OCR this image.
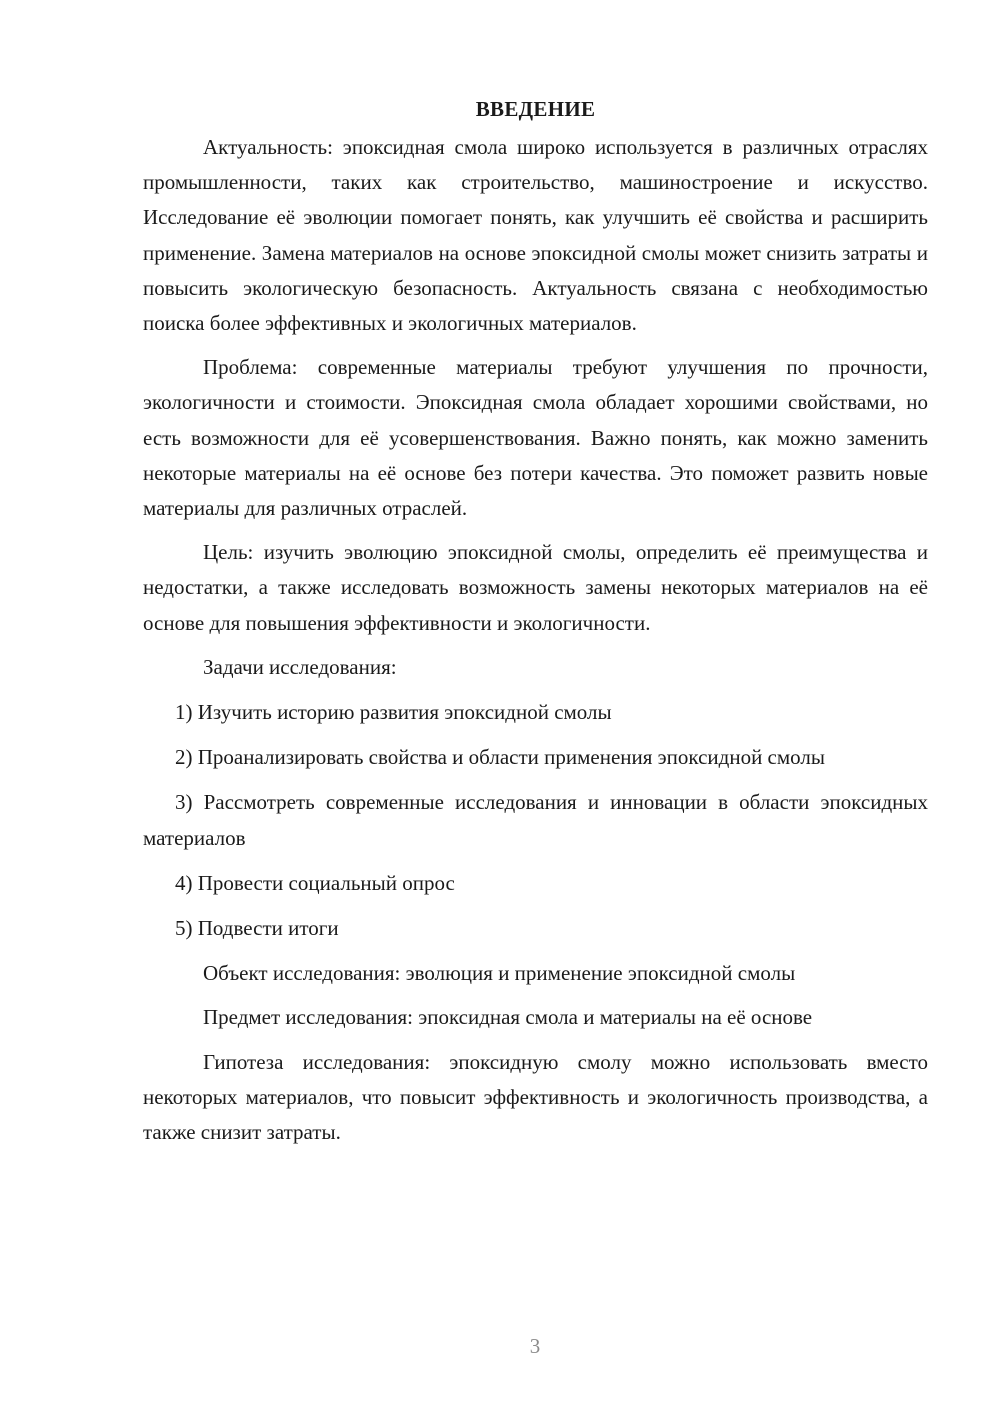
ВВЕДЕНИЕ

Актуальность: эпоксидная смола широко используется в различных отраслях промышленности, таких как строительство, машиностроение и искусство. Исследование её эволюции помогает понять, как улучшить её свойства и расширить применение. Замена материалов на основе эпоксидной смолы может снизить затраты и повысить экологическую безопасность. Актуальность связана с необходимостью поиска более эффективных и экологичных материалов.

Проблема: современные материалы требуют улучшения по прочности, экологичности и стоимости. Эпоксидная смола обладает хорошими свойствами, но есть возможности для её усовершенствования. Важно понять, как можно заменить некоторые материалы на её основе без потери качества. Это поможет развить новые материалы для различных отраслей.

Цель: изучить эволюцию эпоксидной смолы, определить её преимущества и недостатки, а также исследовать возможность замены некоторых материалов на её основе для повышения эффективности и экологичности.

Задачи исследования:

1) Изучить историю развития эпоксидной смолы

2) Проанализировать свойства и области применения эпоксидной смолы

3) Рассмотреть современные исследования и инновации в области эпоксидных материалов

4) Провести социальный опрос

5) Подвести итоги

Объект исследования: эволюция и применение эпоксидной смолы

Предмет исследования: эпоксидная смола и материалы на её основе

Гипотеза исследования: эпоксидную смолу можно использовать вместо некоторых материалов, что повысит эффективность и экологичность производства, а также снизит затраты.

3
